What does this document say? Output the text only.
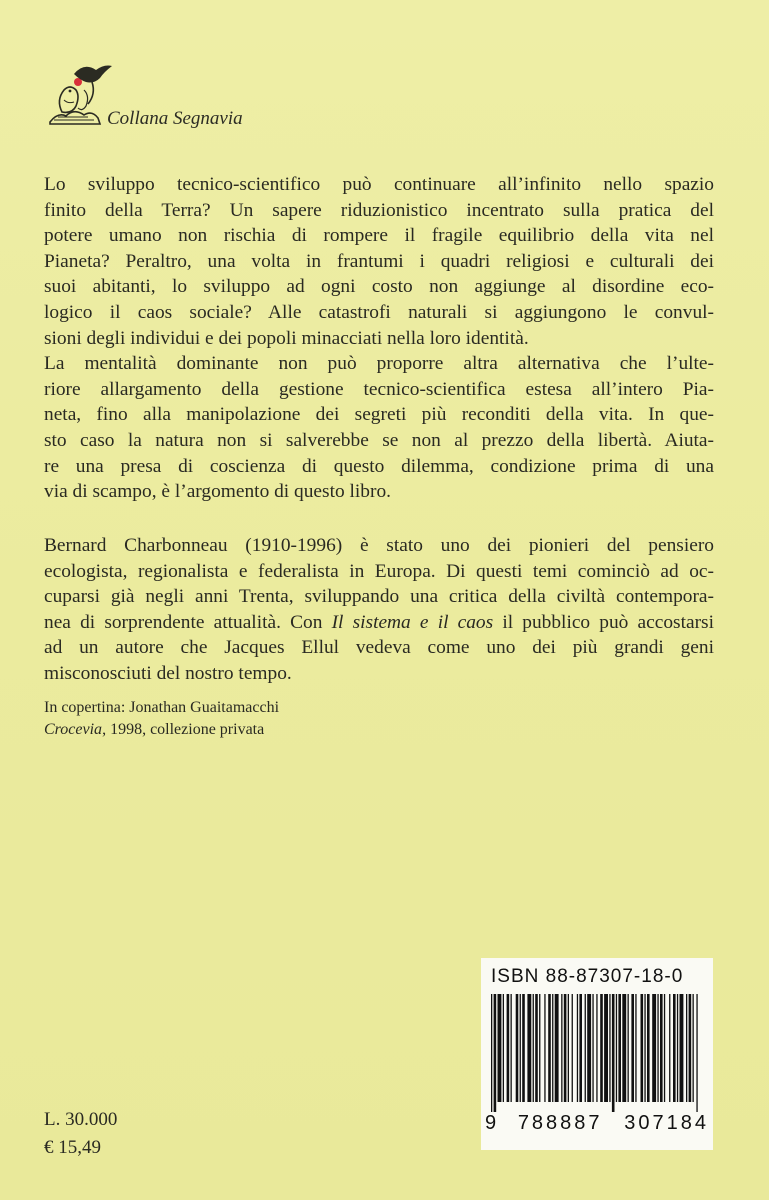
Collana Segnavia
Lo sviluppo tecnico-scientifico può continuare all’infinito nello spazio
finito della Terra? Un sapere riduzionistico incentrato sulla pratica del
potere umano non rischia di rompere il fragile equilibrio della vita nel
Pianeta? Peraltro, una volta in frantumi i quadri religiosi e culturali dei
suoi abitanti, lo sviluppo ad ogni costo non aggiunge al disordine eco-
logico il caos sociale? Alle catastrofi naturali si aggiungono le convul-
sioni degli individui e dei popoli minacciati nella loro identità.
La mentalità dominante non può proporre altra alternativa che l’ulte-
riore allargamento della gestione tecnico-scientifica estesa all’intero Pia-
neta, fino alla manipolazione dei segreti più reconditi della vita. In que-
sto caso la natura non si salverebbe se non al prezzo della libertà. Aiuta-
re una presa di coscienza di questo dilemma, condizione prima di una
via di scampo, è l’argomento di questo libro.
Bernard Charbonneau (1910-1996) è stato uno dei pionieri del pensiero
ecologista, regionalista e federalista in Europa. Di questi temi cominciò ad oc-
cuparsi già negli anni Trenta, sviluppando una critica della civiltà contempora-
nea di sorprendente attualità. Con Il sistema e il caos il pubblico può accostarsi
ad un autore che Jacques Ellul vedeva come uno dei più grandi geni
misconosciuti del nostro tempo.
In copertina: Jonathan Guaitamacchi
Crocevia, 1998, collezione privata
L. 30.000
€ 15,49
ISBN 88-87307-18-0
9 788887 307184
